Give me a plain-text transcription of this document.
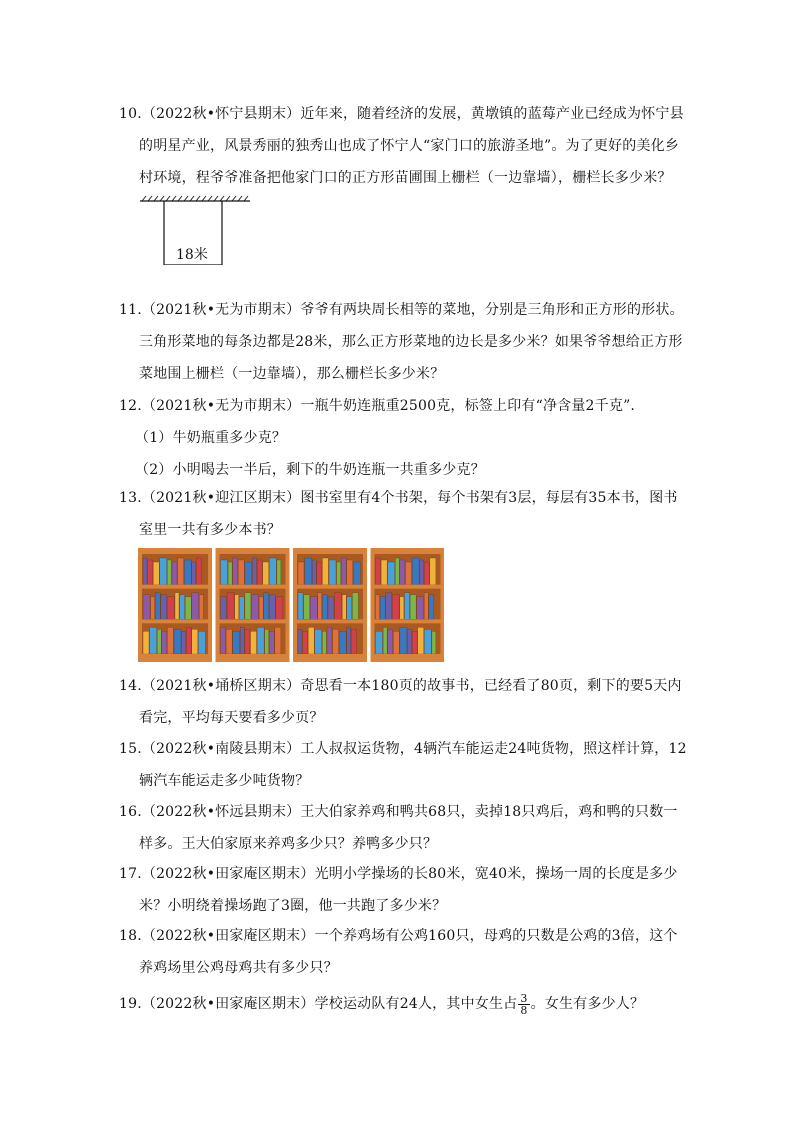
10.（2022秋•怀宁县期末）近年来，随着经济的发展，黄墩镇的蓝莓产业已经成为怀宁县
的明星产业，风景秀丽的独秀山也成了怀宁人“家门口的旅游圣地”。为了更好的美化乡
村环境，程爷爷准备把他家门口的正方形苗圃围上栅栏（一边靠墙），栅栏长多少米？
18米
11.（2021秋•无为市期末）爷爷有两块周长相等的菜地，分别是三角形和正方形的形状。
三角形菜地的每条边都是28米，那么正方形菜地的边长是多少米？如果爷爷想给正方形
菜地围上栅栏（一边靠墙），那么栅栏长多少米？
12.（2021秋•无为市期末）一瓶牛奶连瓶重2500克，标签上印有“净含量2千克”.
（1）牛奶瓶重多少克？
（2）小明喝去一半后，剩下的牛奶连瓶一共重多少克？
13.（2021秋•迎江区期末）图书室里有4个书架，每个书架有3层，每层有35本书，图书
室里一共有多少本书？
14.（2021秋•埇桥区期末）奇思看一本180页的故事书，已经看了80页，剩下的要5天内
看完，平均每天要看多少页？
15.（2022秋•南陵县期末）工人叔叔运货物，4辆汽车能运走24吨货物，照这样计算，12
辆汽车能运走多少吨货物？
16.（2022秋•怀远县期末）王大伯家养鸡和鸭共68只，卖掉18只鸡后，鸡和鸭的只数一
样多。王大伯家原来养鸡多少只？养鸭多少只？
17.（2022秋•田家庵区期末）光明小学操场的长80米，宽40米，操场一周的长度是多少
米？小明绕着操场跑了3圈，他一共跑了多少米？
18.（2022秋•田家庵区期末）一个养鸡场有公鸡160只，母鸡的只数是公鸡的3倍，这个
养鸡场里公鸡母鸡共有多少只？
19.（2022秋•田家庵区期末）学校运动队有24人，其中女生占 $\frac{3}{8}$ 。女生有多少人？
